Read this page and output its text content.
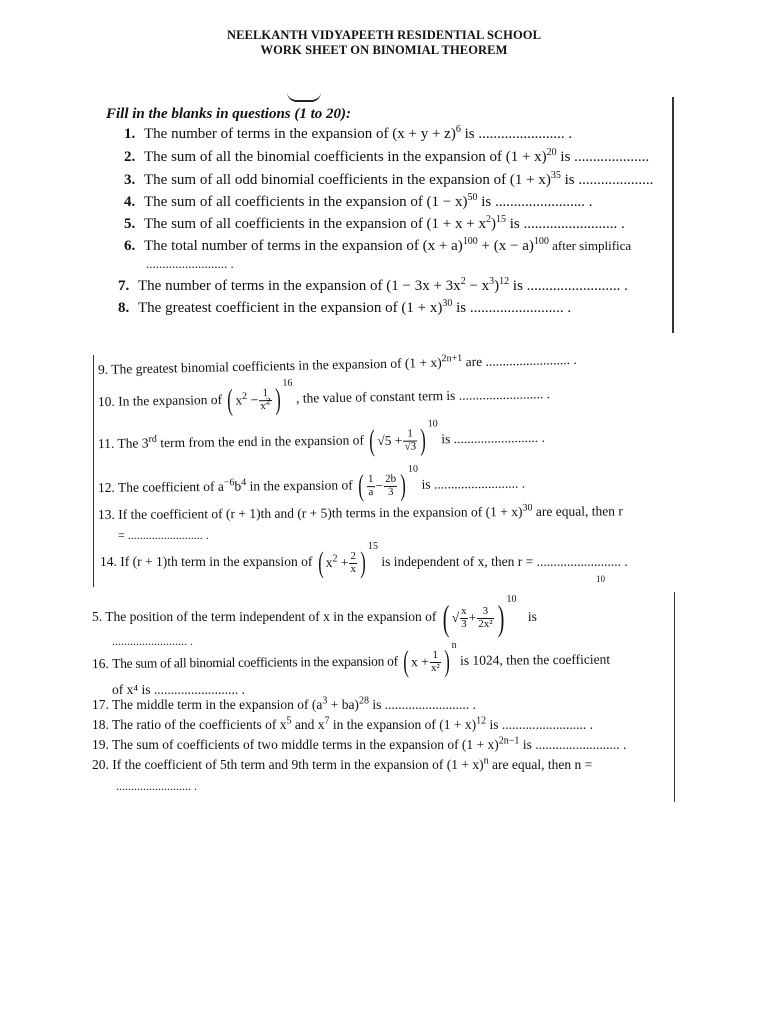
NEELKANTH VIDYAPEETH RESIDENTIAL SCHOOL
WORK SHEET ON BINOMIAL THEOREM
Fill in the blanks in questions (1 to 20):
1. The number of terms in the expansion of $(x + y + z)^6$ is ....................... .
2. The sum of all the binomial coefficients in the expansion of $(1 + x)^{20}$ is ....................
3. The sum of all odd binomial coefficients in the expansion of $(1 + x)^{35}$ is ....................
4. The sum of all coefficients in the expansion of $(1 - x)^{50}$ is ........................ .
5. The sum of all coefficients in the expansion of $(1 + x + x^2)^{15}$ is ......................... .
6. The total number of terms in the expansion of $(x + a)^{100} + (x - a)^{100}$ after simplifica
......................... .
7. The number of terms in the expansion of $(1 - 3x + 3x^2 - x^3)^{12}$ is ......................... .
8. The greatest coefficient in the expansion of $(1 + x)^{30}$ is ......................... .
9. The greatest binomial coefficients in the expansion of $(1 + x)^{2n+1}$ are ......................... .
10. In the expansion of ( $x^2 - \frac{1}{x^2} )^{16}$ , the value of constant term is ......................... .
11. The 3rd term from the end in the expansion of ( $√5 + \frac{1}{√3} )^{10}$ is ......................... .
12. The coefficient of $a^{-6}b^4$ in the expansion of ( $\frac{1}{a} - \frac{2b}{3}$ ) $^{10}$ is ......................... .
13. If the coefficient of (r + 1)th and (r + 5)th terms in the expansion of $(1 + x)^{30}$ are equal, then r
= ......................... .
14. If (r + 1)th term in the expansion of ( $x^2 + \frac{2}{x}$ ) $^{15}$ is independent of x, then r = ......................... .
10
5. The position of the term independent of x in the expansion of ( √ $\frac{x}{3} + \frac{3}{\text{2x²}}$ ) $^{10}$ is
......................... .
16. The sum of all binomial coefficients in the expansion of ( $x + \frac{1}{\text{x²}}$ ) $^n$ is 1024, then the coefficient
of x⁴ is ......................... .
17. The middle term in the expansion of $(a^3 + ba)^{28}$ is ......................... .
18. The ratio of the coefficients of $x^5$ and $x^7$ in the expansion of $(1 + x)^{12}$ is ......................... .
19. The sum of coefficients of two middle terms in the expansion of $(1 + x)^{2n-1}$ is ......................... .
20. If the coefficient of 5th term and 9th term in the expansion of $(1 + x)^n$ are equal, then n =
......................... .
